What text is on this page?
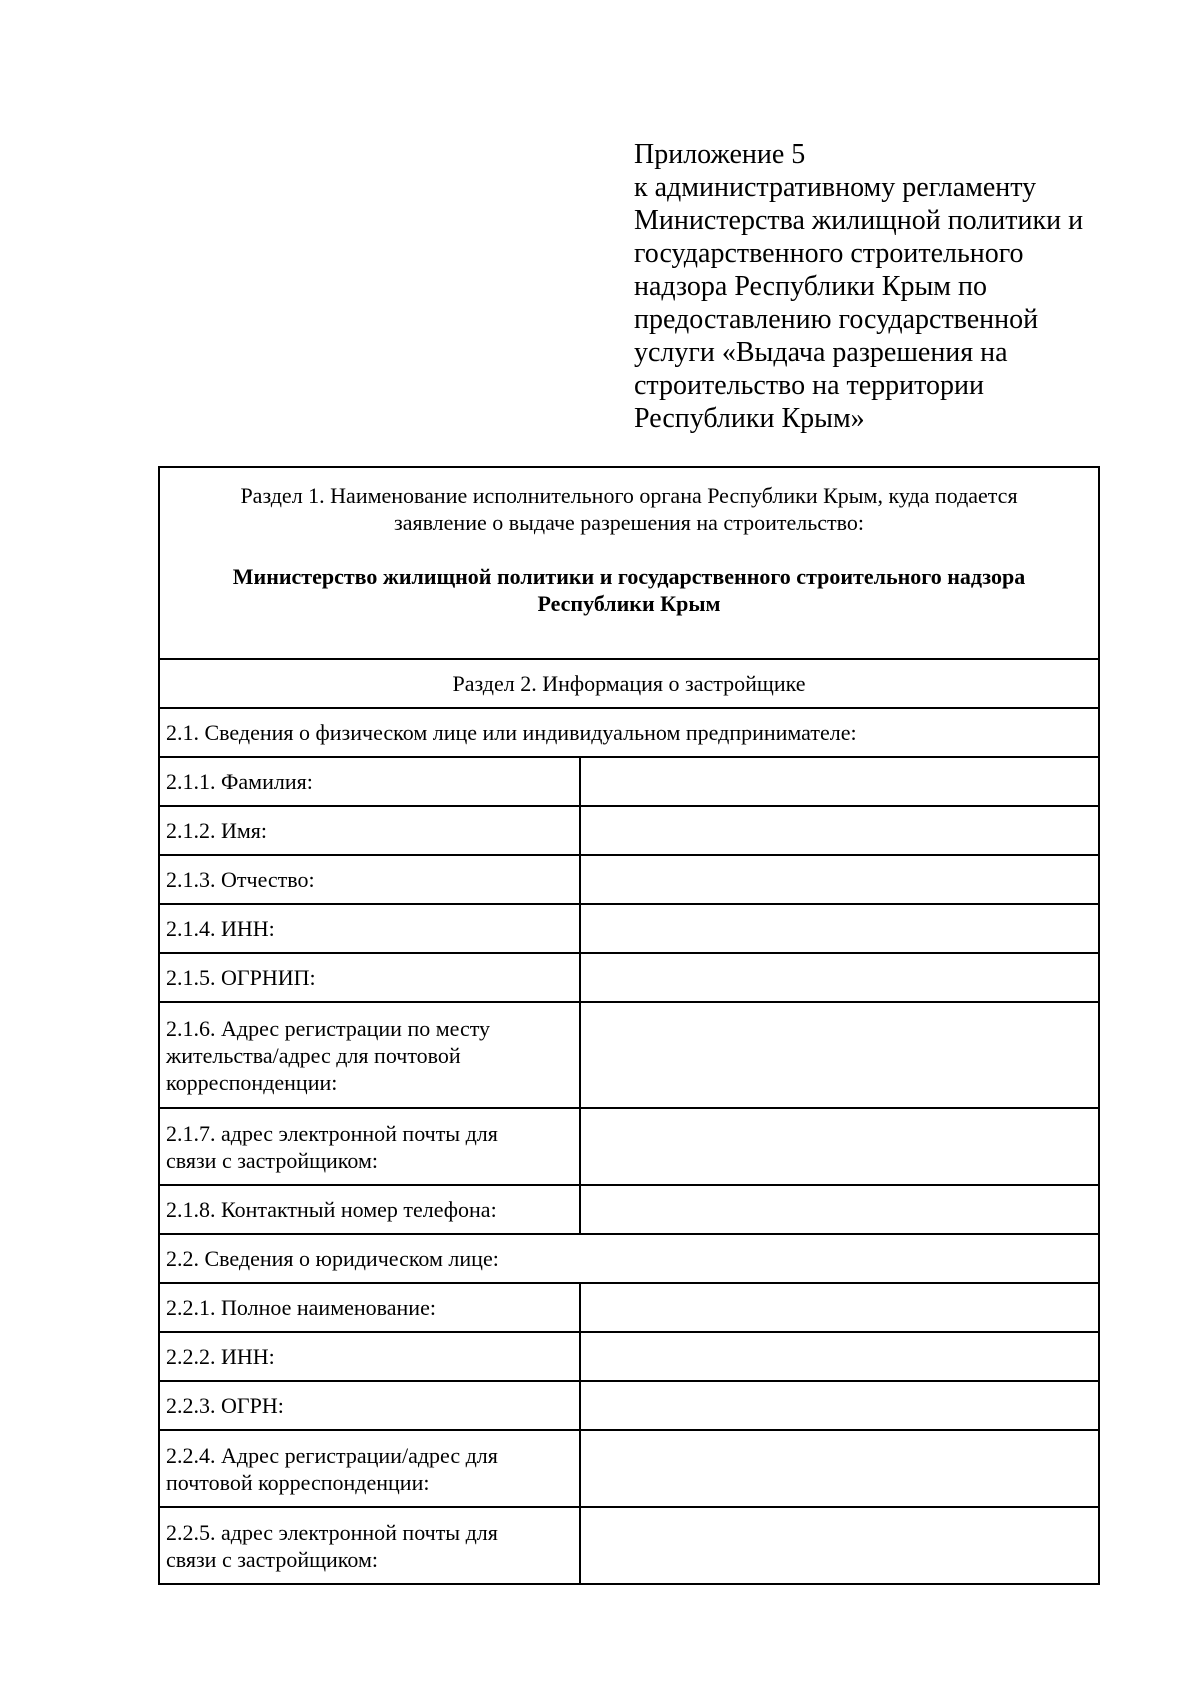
Приложение 5
к административному регламенту
Министерства жилищной политики и
государственного строительного
надзора Республики Крым по
предоставлению государственной
услуги «Выдача разрешения на
строительство на территории
Республики Крым»
Раздел 1. Наименование исполнительного органа Республики Крым, куда подается
заявление о выдаче разрешения на строительство:
Министерство жилищной политики и государственного строительного надзора
Республики Крым	

Раздел 2. Информация о застройщике	
2.1. Сведения о физическом лице или индивидуальном предпринимателе:	

2.1.1. Фамилия:	

2.1.2. Имя:	

2.1.3. Отчество:	

2.1.4. ИНН:	

2.1.5. ОГРНИП:	

2.1.6. Адрес регистрации по месту
жительства/адрес для почтовой
корреспонденции:	

2.1.7. адрес электронной почты для
связи с застройщиком:	

2.1.8. Контактный номер телефона:	

2.2. Сведения о юридическом лице:	

2.2.1. Полное наименование:	

2.2.2. ИНН:	

2.2.3. ОГРН:	

2.2.4. Адрес регистрации/адрес для
почтовой корреспонденции:	

2.2.5. адрес электронной почты для
связи с застройщиком:	
